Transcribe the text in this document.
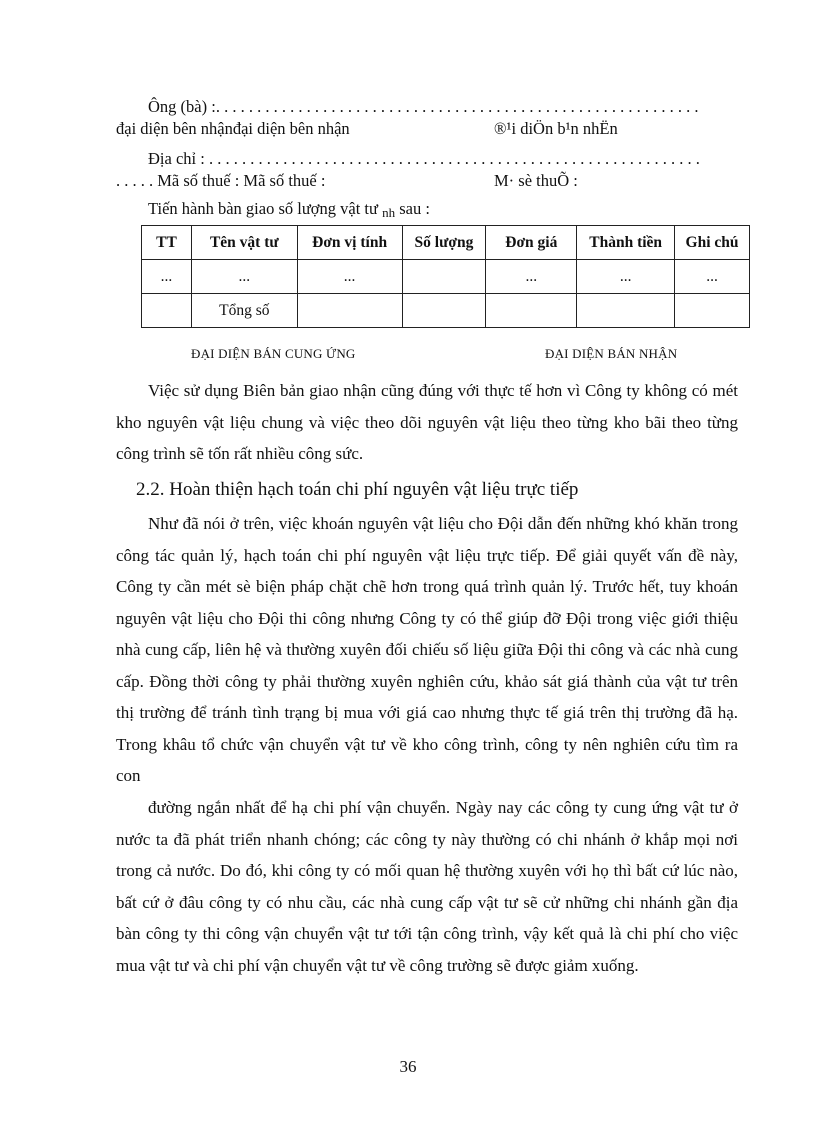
Ông (bà) :. . . . . . . . . . . . . . . . . . . . . . . . . . . . . . . . . . . . . . . . . . . . . . . . . . . . . . . . . . .
đại diện bên nhậnđại diện bên nhận	®¹i diÖn b¹n nhËn
Địa chỉ : . . . . . . . . . . . . . . . . . . . . . . . . . . . . . . . . . . . . . . . . . . . . . . . . . . . . . . . . . . . .
. . . . . Mã số thuế : Mã số thuế :	M· sè thuÕ :
Tiến hành bàn giao số lượng vật tư nh sau :
TT	Tên vật tư	Đơn vị tính	Số lượng	Đơn giá	Thành tiền	Ghi chú
...	...	...		...	...	...
	Tổng số					
ĐẠI DIỆN BÁN CUNG ỨNG	ĐẠI DIỆN BÁN NHẬN

Việc sử dụng Biên bản giao nhận cũng đúng với thực tế hơn vì Công ty không có mét kho nguyên vật liệu chung và việc theo dõi nguyên vật liệu theo từng kho bãi theo từng công trình sẽ tốn rất nhiều công sức.

2.2. Hoàn thiện hạch toán chi phí nguyên vật liệu trực tiếp

Như đã nói ở trên, việc khoán nguyên vật liệu cho Đội dẫn đến những khó khăn trong công tác quản lý, hạch toán chi phí nguyên vật liệu trực tiếp. Để giải quyết vấn đề này, Công ty cần mét sè biện pháp chặt chẽ hơn trong quá trình quản lý. Trước hết, tuy khoán nguyên vật liệu cho Đội thi công nhưng Công ty có thể giúp đỡ Đội trong việc giới thiệu nhà cung cấp, liên hệ và thường xuyên đối chiếu số liệu giữa Đội thi công và các nhà cung cấp. Đồng thời công ty phải thường xuyên nghiên cứu, khảo sát giá thành của vật tư trên thị trường để tránh tình trạng bị mua với giá cao nhưng thực tế giá trên thị trường đã hạ. Trong khâu tổ chức vận chuyển vật tư về kho công trình, công ty nên nghiên cứu tìm ra con

đường ngắn nhất để hạ chi phí vận chuyển. Ngày nay các công ty cung ứng vật tư ở nước ta đã phát triển nhanh chóng; các công ty này thường có chi nhánh ở khắp mọi nơi trong cả nước. Do đó, khi công ty có mối quan hệ thường xuyên với họ thì bất cứ lúc nào, bất cứ ở đâu công ty có nhu cầu, các nhà cung cấp vật tư sẽ cử những chi nhánh gần địa bàn công ty thi công vận chuyển vật tư tới tận công trình, vậy kết quả là chi phí cho việc mua vật tư và chi phí vận chuyển vật tư về công trường sẽ được giảm xuống.

36
